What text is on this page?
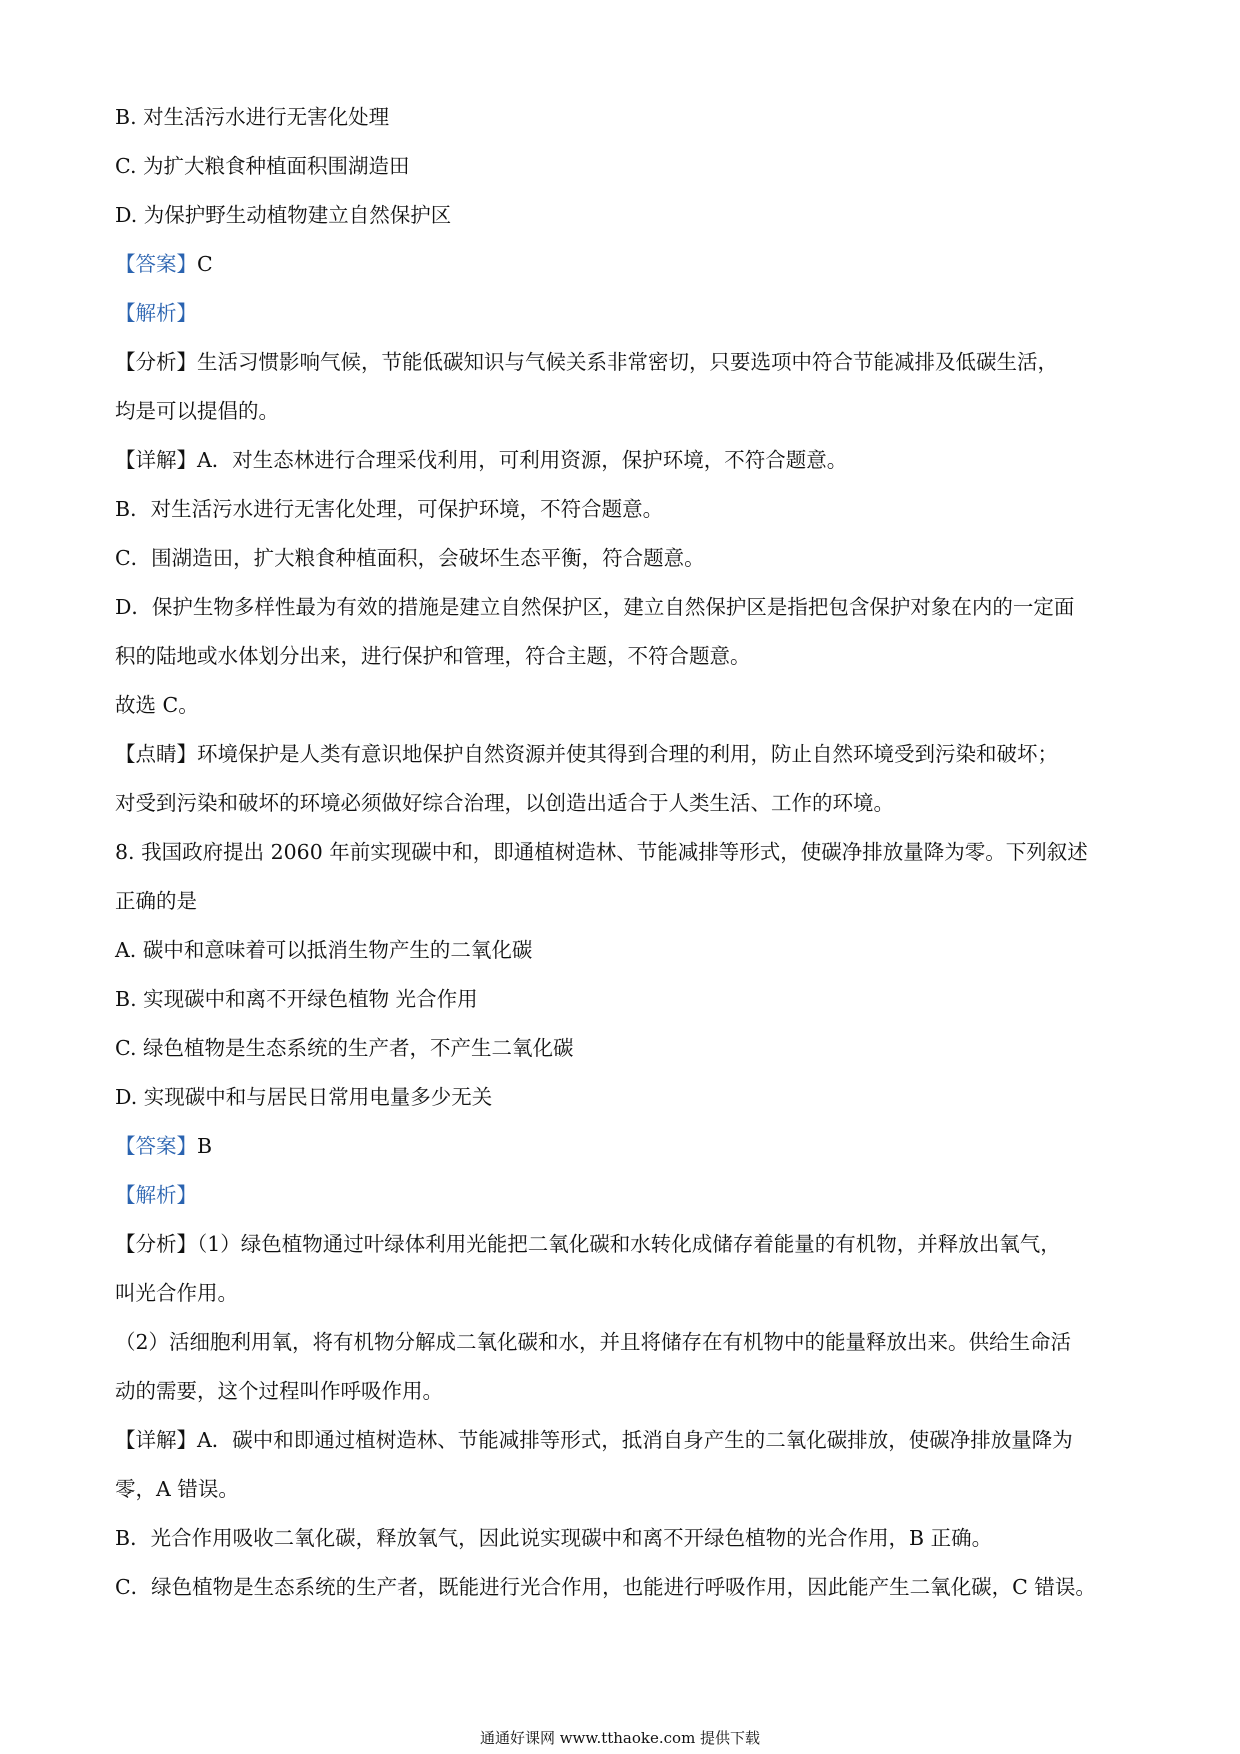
B. 对生活污水进行无害化处理
C. 为扩大粮食种植面积围湖造田
D. 为保护野生动植物建立自然保护区
【答案】C
【解析】
【分析】生活习惯影响气候，节能低碳知识与气候关系非常密切，只要选项中符合节能减排及低碳生活，
均是可以提倡的。
【详解】A．对生态林进行合理采伐利用，可利用资源，保护环境，不符合题意。
B．对生活污水进行无害化处理，可保护环境，不符合题意。
C．围湖造田，扩大粮食种植面积，会破坏生态平衡，符合题意。
D．保护生物多样性最为有效的措施是建立自然保护区，建立自然保护区是指把包含保护对象在内的一定面
积的陆地或水体划分出来，进行保护和管理，符合主题，不符合题意。
故选 C。
【点睛】环境保护是人类有意识地保护自然资源并使其得到合理的利用，防止自然环境受到污染和破坏；
对受到污染和破坏的环境必须做好综合治理，以创造出适合于人类生活、工作的环境。
8. 我国政府提出 2060 年前实现碳中和，即通植树造林、节能减排等形式，使碳净排放量降为零。下列叙述
正确的是
A. 碳中和意味着可以抵消生物产生的二氧化碳
B. 实现碳中和离不开绿色植物 光合作用
C. 绿色植物是生态系统的生产者，不产生二氧化碳
D. 实现碳中和与居民日常用电量多少无关
【答案】B
【解析】
【分析】（1）绿色植物通过叶绿体利用光能把二氧化碳和水转化成储存着能量的有机物，并释放出氧气，
叫光合作用。
（2）活细胞利用氧，将有机物分解成二氧化碳和水，并且将储存在有机物中的能量释放出来。供给生命活
动的需要，这个过程叫作呼吸作用。
【详解】A．碳中和即通过植树造林、节能减排等形式，抵消自身产生的二氧化碳排放，使碳净排放量降为
零，A 错误。
B．光合作用吸收二氧化碳，释放氧气，因此说实现碳中和离不开绿色植物的光合作用，B 正确。
C．绿色植物是生态系统的生产者，既能进行光合作用，也能进行呼吸作用，因此能产生二氧化碳，C 错误。
通通好课网 www.tthaoke.com 提供下载
